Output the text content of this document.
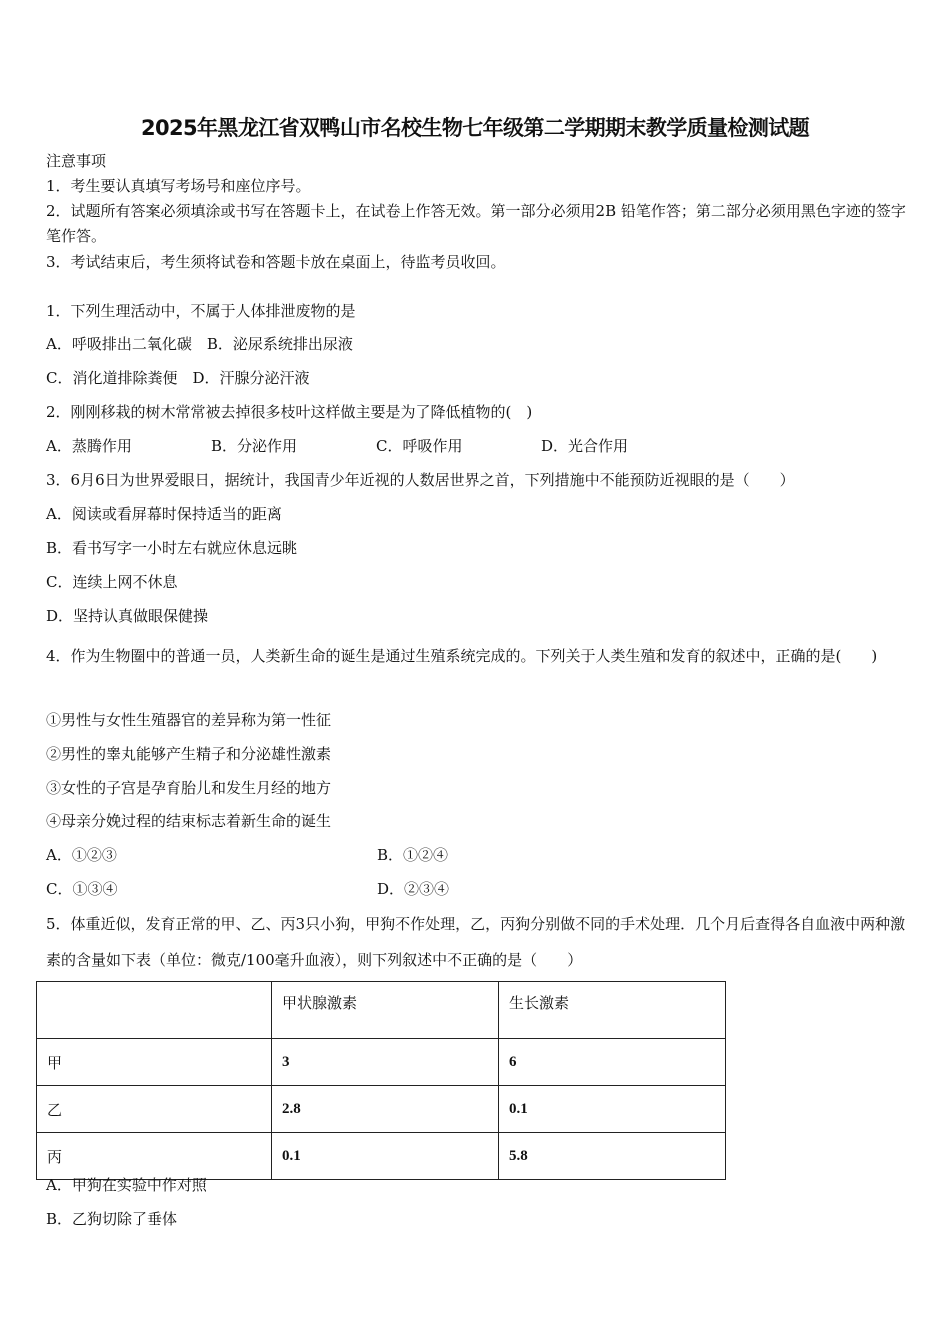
2025年黑龙江省双鸭山市名校生物七年级第二学期期末教学质量检测试题
注意事项
1．考生要认真填写考场号和座位序号。
2．试题所有答案必须填涂或书写在答题卡上，在试卷上作答无效。第一部分必须用2B 铅笔作答；第二部分必须用黑色字迹的签字笔作答。
3．考试结束后，考生须将试卷和答题卡放在桌面上，待监考员收回。
1．下列生理活动中，不属于人体排泄废物的是
A．呼吸排出二氧化碳　B．泌尿系统排出尿液
C．消化道排除粪便　D．汗腺分泌汗液
2．刚刚移栽的树木常常被去掉很多枝叶这样做主要是为了降低植物的(　)
A．蒸腾作用	B．分泌作用	C．呼吸作用	D．光合作用
3．6月6日为世界爱眼日，据统计，我国青少年近视的人数居世界之首，下列措施中不能预防近视眼的是（　　）
A．阅读或看屏幕时保持适当的距离
B．看书写字一小时左右就应休息远眺
C．连续上网不休息
D．坚持认真做眼保健操
4．作为生物圈中的普通一员，人类新生命的诞生是通过生殖系统完成的。下列关于人类生殖和发育的叙述中，正确的是(　　)
①男性与女性生殖器官的差异称为第一性征
②男性的睾丸能够产生精子和分泌雄性激素
③女性的子宫是孕育胎儿和发生月经的地方
④母亲分娩过程的结束标志着新生命的诞生
A．①②③	B．①②④
C．①③④	D．②③④
5．体重近似，发育正常的甲、乙、丙3只小狗，甲狗不作处理，乙，丙狗分别做不同的手术处理．几个月后查得各自血液中两种激素的含量如下表（单位：微克/100毫升血液），则下列叙述中不正确的是（　　）
	甲状腺激素	生长激素
甲	3	6
乙	2.8	0.1
丙	0.1	5.8
A．甲狗在实验中作对照
B．乙狗切除了垂体
